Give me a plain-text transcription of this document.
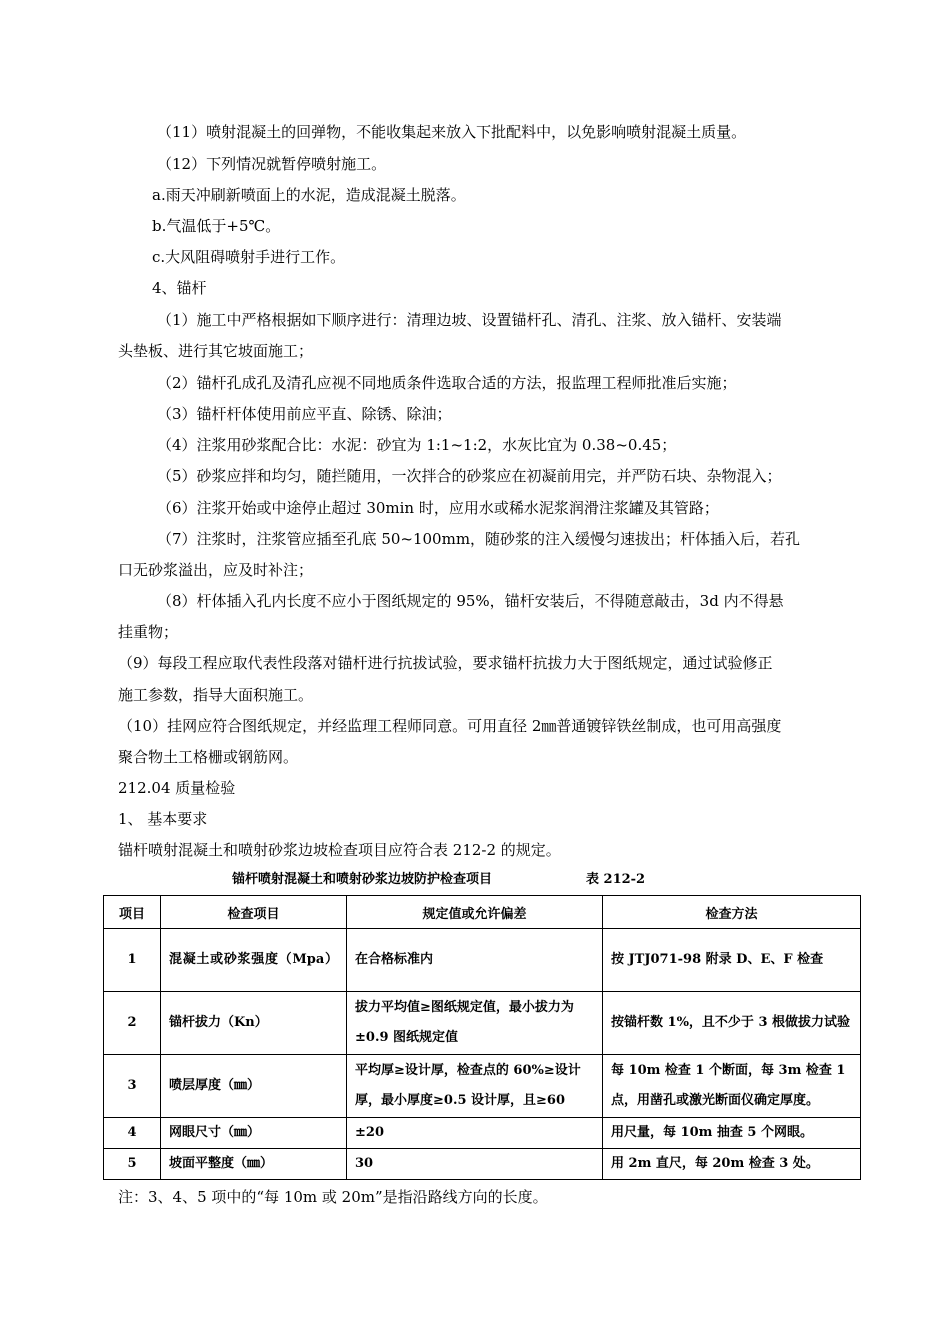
（11）喷射混凝土的回弹物，不能收集起来放入下批配料中，以免影响喷射混凝土质量。
（12）下列情况就暂停喷射施工。
a.雨天冲刷新喷面上的水泥，造成混凝土脱落。
b.气温低于+5℃。
c.大风阻碍喷射手进行工作。
4、锚杆
（1）施工中严格根据如下顺序进行：清理边坡、设置锚杆孔、清孔、注浆、放入锚杆、安装端
头垫板、进行其它坡面施工；
（2）锚杆孔成孔及清孔应视不同地质条件选取合适的方法，报监理工程师批准后实施；
（3）锚杆杆体使用前应平直、除锈、除油；
（4）注浆用砂浆配合比：水泥：砂宜为 1:1~1:2，水灰比宜为 0.38~0.45；
（5）砂浆应拌和均匀，随拦随用，一次拌合的砂浆应在初凝前用完，并严防石块、杂物混入；
（6）注浆开始或中途停止超过 30min 时，应用水或稀水泥浆润滑注浆罐及其管路；
（7）注浆时，注浆管应插至孔底 50~100mm，随砂浆的注入缓慢匀速拔出；杆体插入后，若孔
口无砂浆溢出，应及时补注；
（8）杆体插入孔内长度不应小于图纸规定的 95%，锚杆安装后，不得随意敲击，3d 内不得悬
挂重物；
（9）每段工程应取代表性段落对锚杆进行抗拔试验，要求锚杆抗拔力大于图纸规定，通过试验修正
施工参数，指导大面积施工。
（10）挂网应符合图纸规定，并经监理工程师同意。可用直径 2㎜普通镀锌铁丝制成，也可用高强度
聚合物土工格栅或钢筋网。
212.04 质量检验
1、 基本要求
锚杆喷射混凝土和喷射砂浆边坡检查项目应符合表 212-2 的规定。
锚杆喷射混凝土和喷射砂浆边坡防护检查项目	表 212-2
项目	检查项目	规定值或允许偏差	检查方法
1	混凝土或砂浆强度（Mpa）	在合格标准内	按 JTJ071-98 附录 D、E、F 检查

2	锚杆拔力（Kn）	拔力平均值≥图纸规定值，最小拔力为±0.9 图纸规定值	按锚杆数 1%，且不少于 3 根做拔力试验

3	喷层厚度（㎜）	平均厚≥设计厚，检查点的 60%≥设计厚，最小厚度≥0.5 设计厚，且≥60	每 10m 检查 1 个断面，每 3m 检查 1 点，用凿孔或激光断面仪确定厚度。

4	网眼尺寸（㎜）	±20	用尺量，每 10m 抽查 5 个网眼。
5	坡面平整度（㎜）	30	用 2m 直尺，每 20m 检查 3 处。
注：3、4、5 项中的“每 10m 或 20m”是指沿路线方向的长度。
